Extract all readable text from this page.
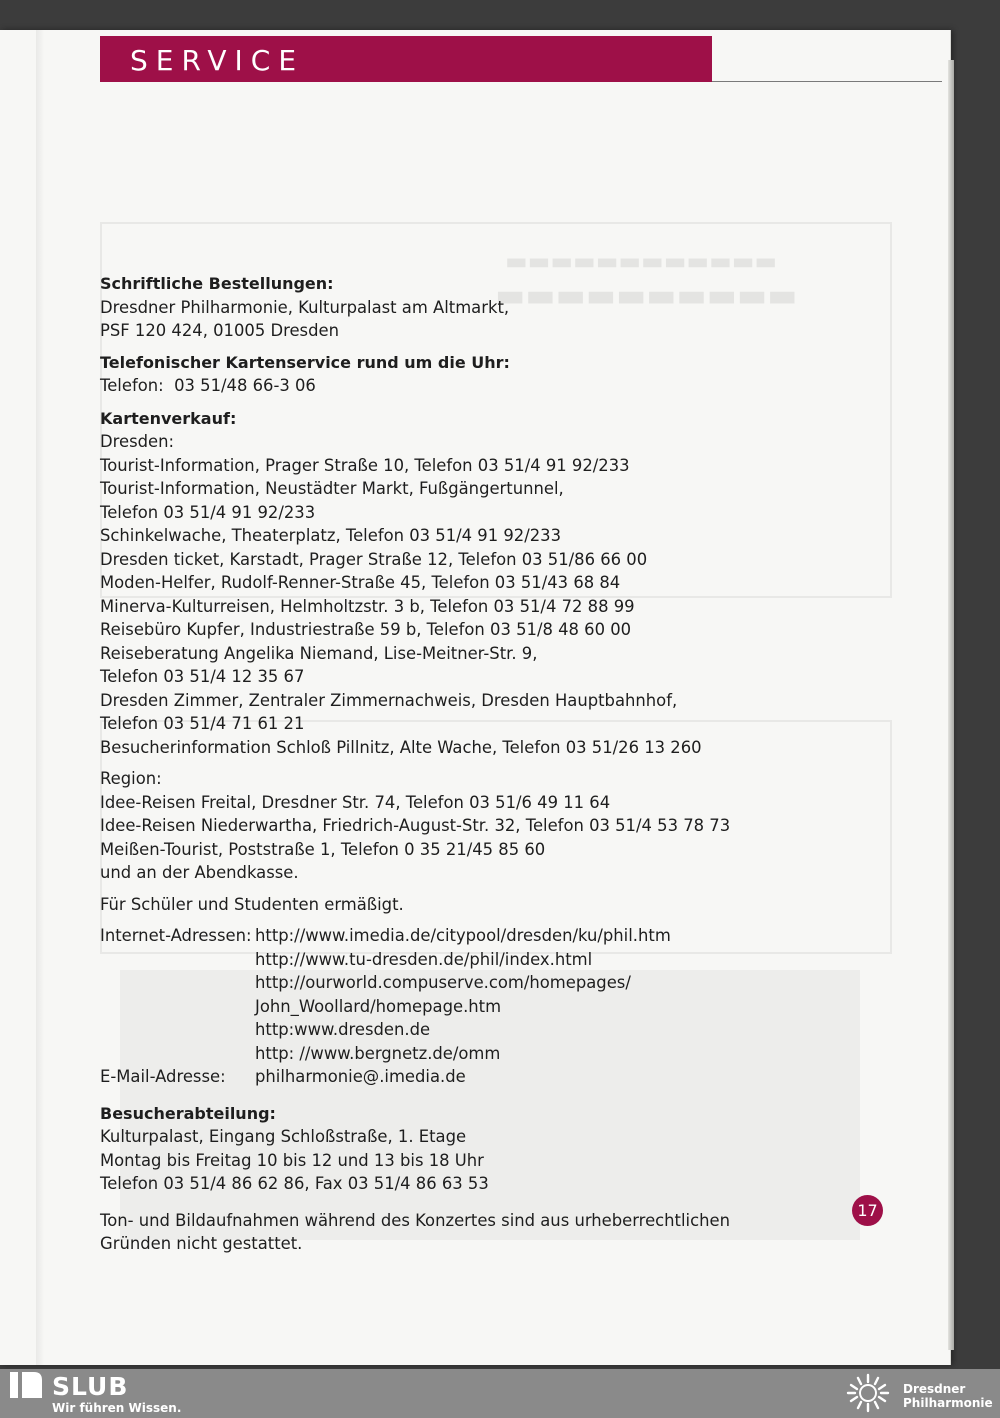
▬▬▬▬▬▬▬▬▬▬▬▬
▬▬▬▬▬▬▬▬▬▬
SERVICE

Schriftliche Bestellungen:

Dresdner Philharmonie, Kulturpalast am Altmarkt,

PSF 120 424, 01005 Dresden

Telefonischer Kartenservice rund um die Uhr:

Telefon:  03 51/48 66-3 06

Kartenverkauf:

Dresden:

Tourist-Information, Prager Straße 10, Telefon 03 51/4 91 92/233

Tourist-Information, Neustädter Markt, Fußgängertunnel,

Telefon 03 51/4 91 92/233

Schinkelwache, Theaterplatz, Telefon 03 51/4 91 92/233

Dresden ticket, Karstadt, Prager Straße 12, Telefon 03 51/86 66 00

Moden-Helfer, Rudolf-Renner-Straße 45, Telefon 03 51/43 68 84

Minerva-Kulturreisen, Helmholtzstr. 3 b, Telefon 03 51/4 72 88 99

Reisebüro Kupfer, Industriestraße 59 b, Telefon 03 51/8 48 60 00

Reiseberatung Angelika Niemand, Lise-Meitner-Str. 9,

Telefon 03 51/4 12 35 67

Dresden Zimmer, Zentraler Zimmernachweis, Dresden Hauptbahnhof,

Telefon 03 51/4 71 61 21

Besucherinformation Schloß Pillnitz, Alte Wache, Telefon 03 51/26 13 260

Region:

Idee-Reisen Freital, Dresdner Str. 74, Telefon 03 51/6 49 11 64

Idee-Reisen Niederwartha, Friedrich-August-Str. 32, Telefon 03 51/4 53 78 73

Meißen-Tourist, Poststraße 1, Telefon 0 35 21/45 85 60

und an der Abendkasse.

Für Schüler und Studenten ermäßigt.

Internet-Adressen: http://www.imedia.de/citypool/dresden/ku/phil.htm
http://www.tu-dresden.de/phil/index.html
http://ourworld.compuserve.com/homepages/
John_Woollard/homepage.htm
http:www.dresden.de
http: //www.bergnetz.de/omm
E-Mail-Adresse:	philharmonie@.imedia.de

Besucherabteilung:

Kulturpalast, Eingang Schloßstraße, 1. Etage

Montag bis Freitag 10 bis 12 und 13 bis 18 Uhr

Telefon 03 51/4 86 62 86, Fax 03 51/4 86 63 53

Ton- und Bildaufnahmen während des Konzertes sind aus urheberrechtlichen

Gründen nicht gestattet.

17
SLUB
Wir führen Wissen.
Dresdner
Philharmonie
